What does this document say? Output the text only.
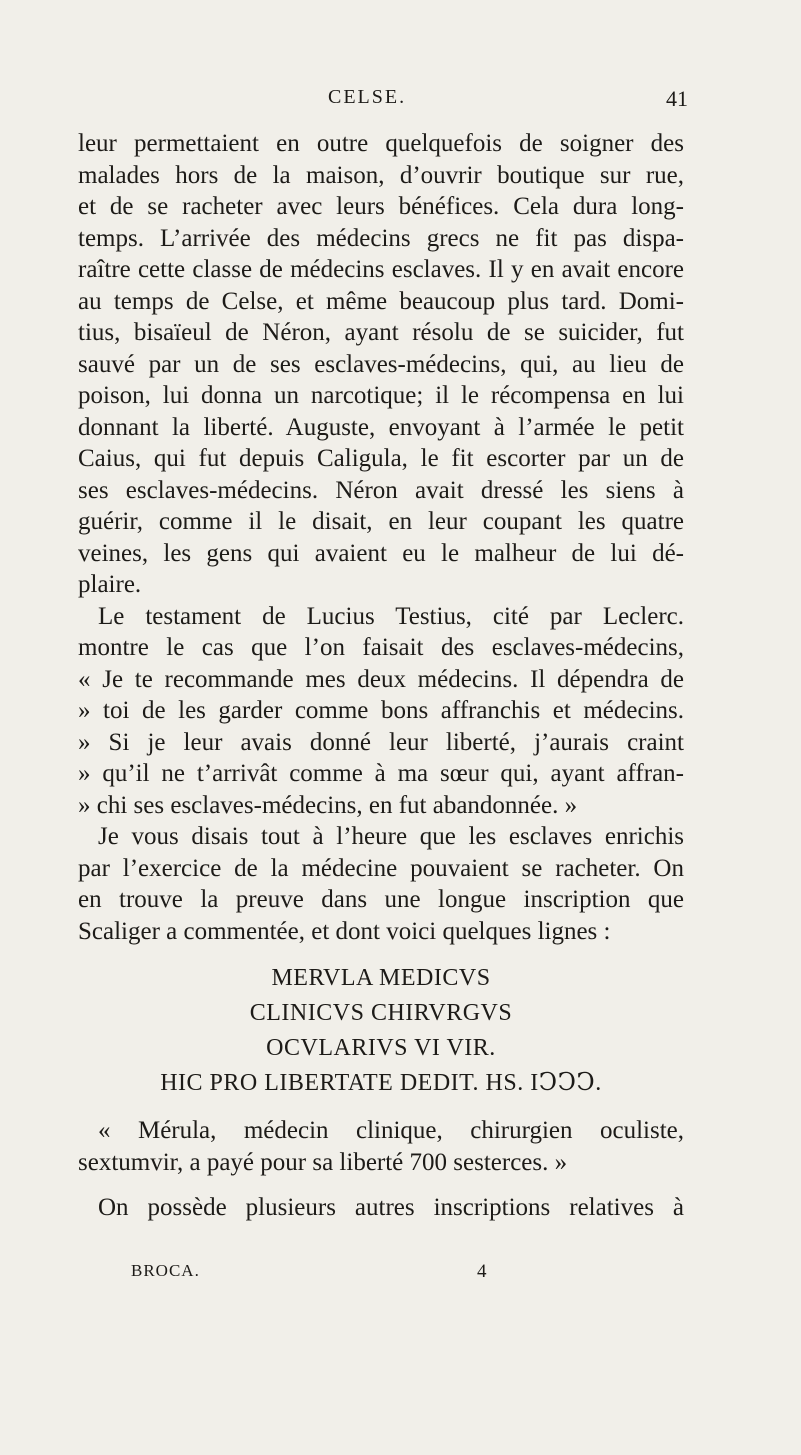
CELSE.	41
leur permettaient en outre quelquefois de soigner des
malades hors de la maison, d’ouvrir boutique sur rue,
et de se racheter avec leurs bénéfices. Cela dura long-
temps. L’arrivée des médecins grecs ne fit pas dispa-
raître cette classe de médecins esclaves. Il y en avait encore
au temps de Celse, et même beaucoup plus tard. Domi-
tius, bisaïeul de Néron, ayant résolu de se suicider, fut
sauvé par un de ses esclaves-médecins, qui, au lieu de
poison, lui donna un narcotique; il le récompensa en lui
donnant la liberté. Auguste, envoyant à l’armée le petit
Caius, qui fut depuis Caligula, le fit escorter par un de
ses esclaves-médecins. Néron avait dressé les siens à
guérir, comme il le disait, en leur coupant les quatre
veines, les gens qui avaient eu le malheur de lui dé-
plaire.
Le testament de Lucius Testius, cité par Leclerc.
montre le cas que l’on faisait des esclaves-médecins,
« Je te recommande mes deux médecins. Il dépendra de
» toi de les garder comme bons affranchis et médecins.
» Si je leur avais donné leur liberté, j’aurais craint
» qu’il ne t’arrivât comme à ma sœur qui, ayant affran-
» chi ses esclaves-médecins, en fut abandonnée. »
Je vous disais tout à l’heure que les esclaves enrichis
par l’exercice de la médecine pouvaient se racheter. On
en trouve la preuve dans une longue inscription que
Scaliger a commentée, et dont voici quelques lignes :
MERVLA MEDICVS
CLINICVS CHIRVRGVS
OCVLARIVS VI VIR.
HIC PRO LIBERTATE DEDIT. HS. IↃↃↃ.
« Mérula, médecin clinique, chirurgien oculiste,
sextumvir, a payé pour sa liberté 700 sesterces. »
On possède plusieurs autres inscriptions relatives à
BROCA.	4
